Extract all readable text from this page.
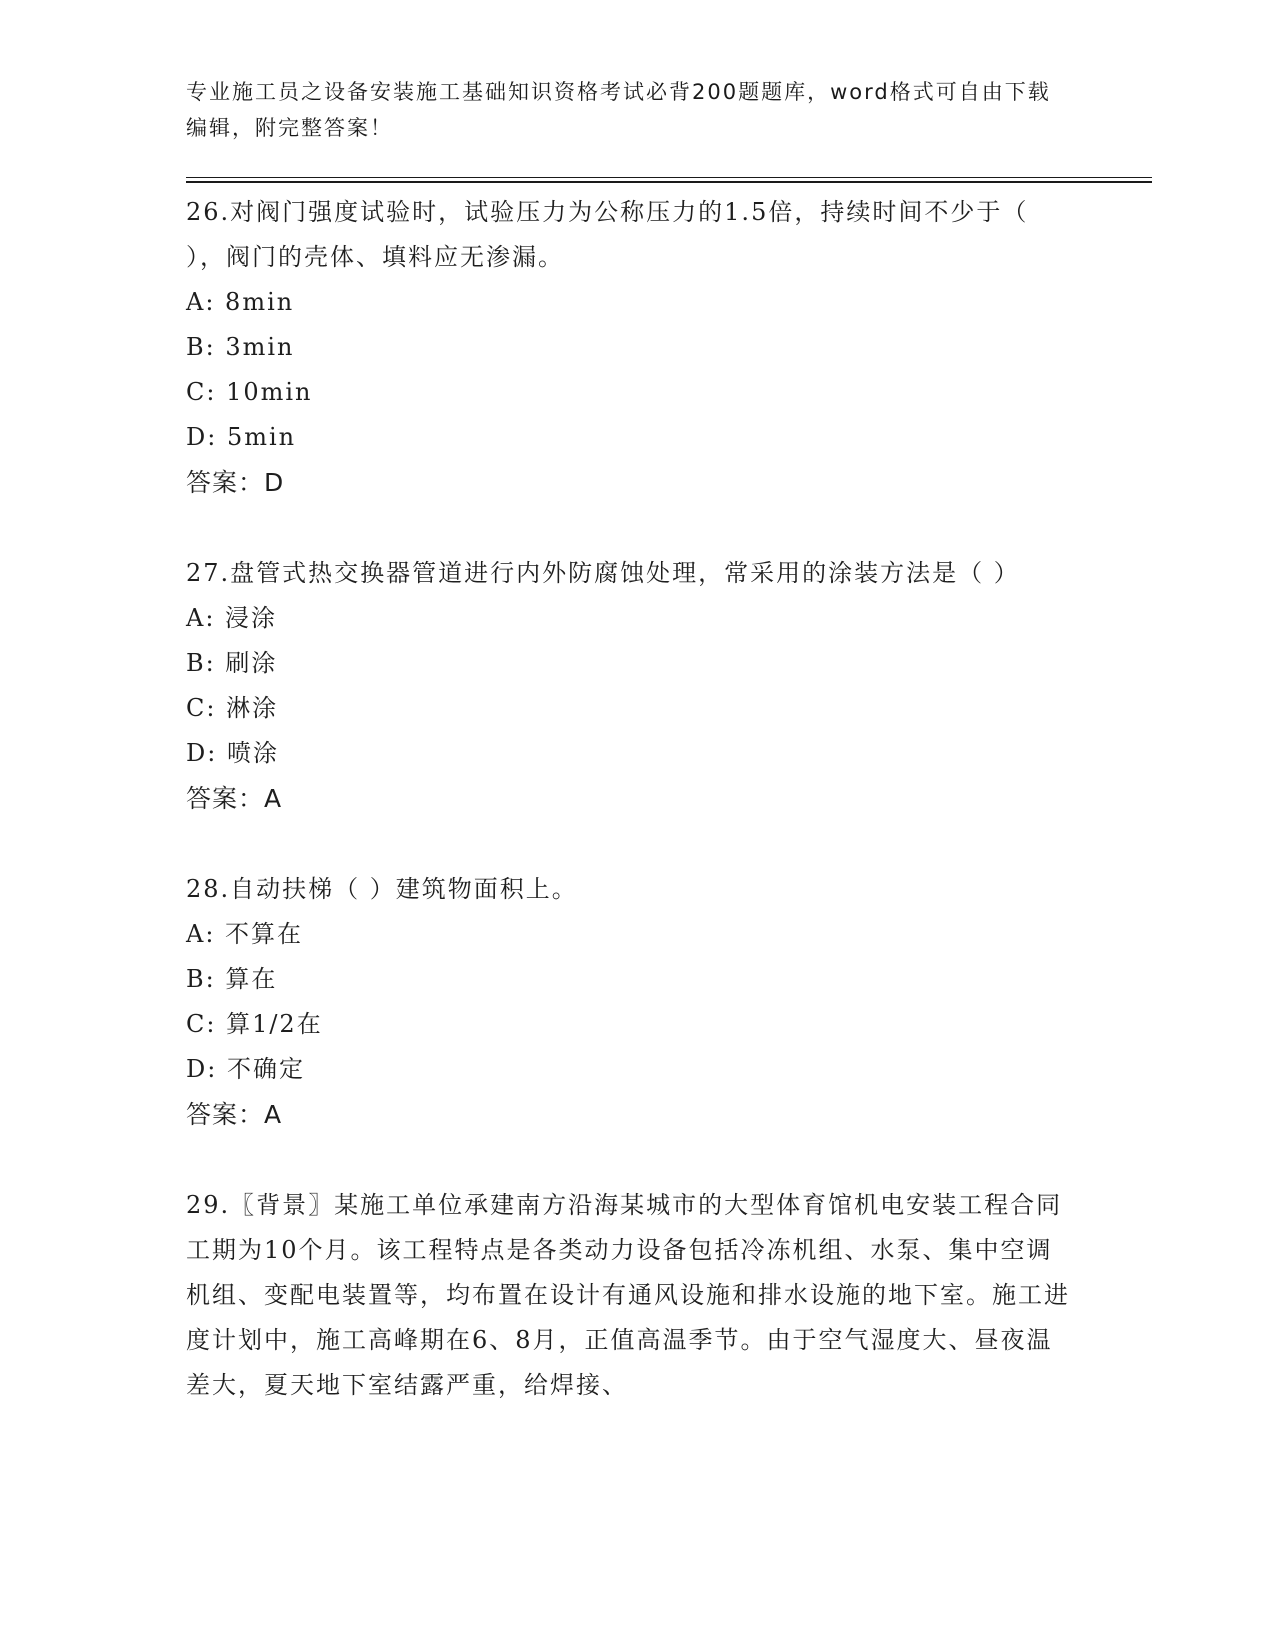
专业施工员之设备安装施工基础知识资格考试必背200题题库，word格式可自由下载编辑，附完整答案！

26.对阀门强度试验时，试验压力为公称压力的1.5倍，持续时间不少于（ ），阀门的壳体、填料应无渗漏。

A: 8min

B: 3min

C: 10min

D: 5min

答案：D

27.盘管式热交换器管道进行内外防腐蚀处理，常采用的涂装方法是（ ）

A: 浸涂

B: 刷涂

C: 淋涂

D: 喷涂

答案：A

28.自动扶梯（ ）建筑物面积上。

A: 不算在

B: 算在

C: 算1/2在

D: 不确定

答案：A

29.〖背景〗某施工单位承建南方沿海某城市的大型体育馆机电安装工程合同工期为10个月。该工程特点是各类动力设备包括冷冻机组、水泵、集中空调机组、变配电装置等，均布置在设计有通风设施和排水设施的地下室。施工进度计划中，施工高峰期在6、8月，正值高温季节。由于空气湿度大、昼夜温差大，夏天地下室结露严重，给焊接、
